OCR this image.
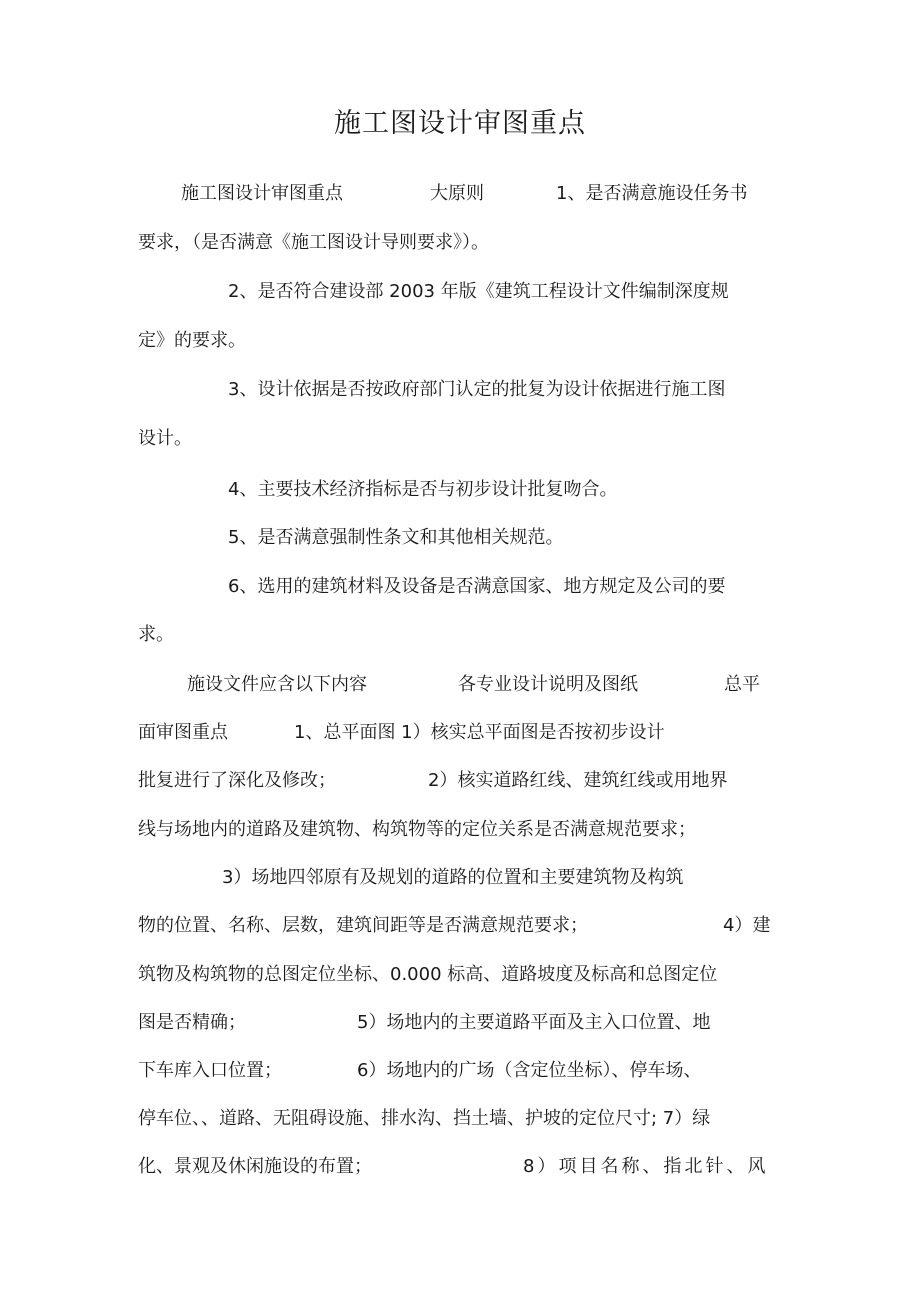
施工图设计审图重点

施工图设计审图重点

	大原则

	1、是否满意施设任务书

要求，（是否满意《施工图设计导则要求》）。

2、是否符合建设部 2003 年版《建筑工程设计文件编制深度规

定》的要求。

3、设计依据是否按政府部门认定的批复为设计依据进行施工图

设计。

4、主要技术经济指标是否与初步设计批复吻合。

5、是否满意强制性条文和其他相关规范。

6、选用的建筑材料及设备是否满意国家、地方规定及公司的要

求。

施设文件应含以下内容

	各专业设计说明及图纸

	总平

面审图重点

	1、总平面图 1）核实总平面图是否按初步设计

批复进行了深化及修改；

	2）核实道路红线、建筑红线或用地界

线与场地内的道路及建筑物、构筑物等的定位关系是否满意规范要求；

3）场地四邻原有及规划的道路的位置和主要建筑物及构筑

物的位置、名称、层数，建筑间距等是否满意规范要求；

	4）建

筑物及构筑物的总图定位坐标、0.000 标高、道路坡度及标高和总图定位

图是否精确；

	5）场地内的主要道路平面及主入口位置、地

下车库入口位置；

	6）场地内的广场（含定位坐标）、停车场、

停车位、、道路、无阻碍设施、排水沟、挡土墙、护坡的定位尺寸; 7）绿

化、景观及休闲施设的布置；

	8）项目名称、指北针、风
